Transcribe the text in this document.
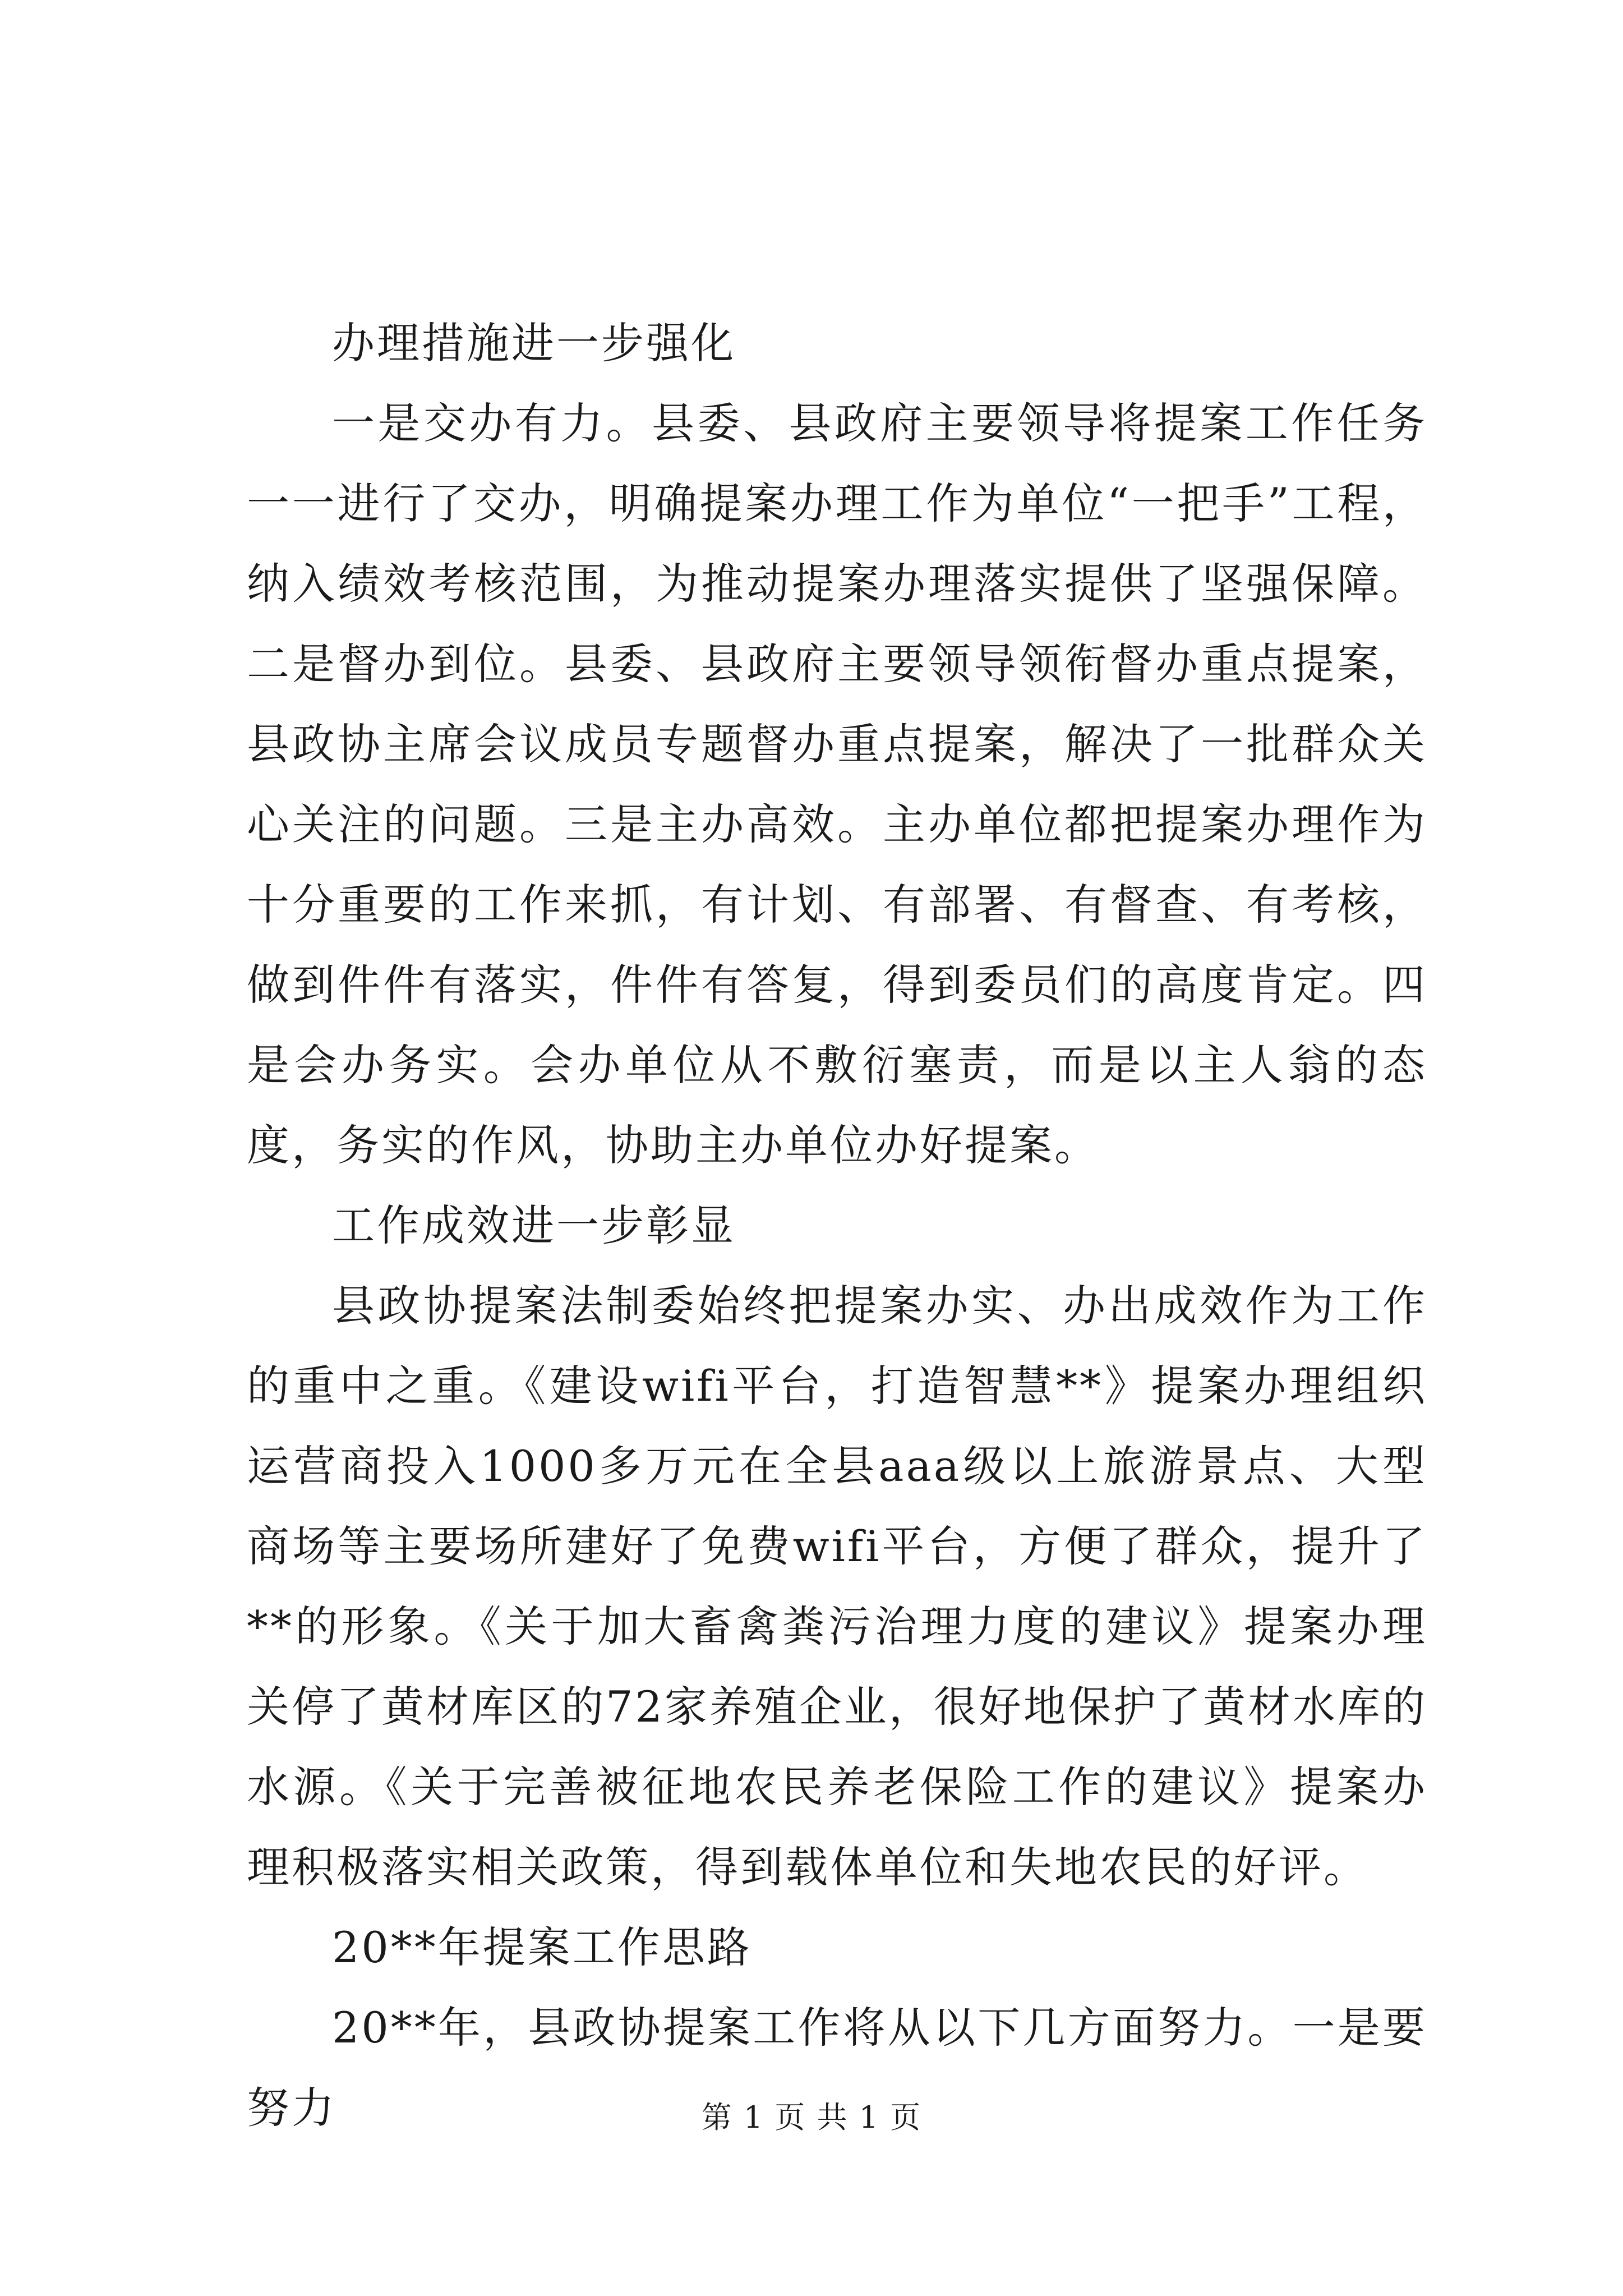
办理措施进一步强化

一是交办有力。县委、县政府主要领导将提案工作任务一一进行了交办，明确提案办理工作为单位“一把手”工程，纳入绩效考核范围，为推动提案办理落实提供了坚强保障。二是督办到位。县委、县政府主要领导领衔督办重点提案，县政协主席会议成员专题督办重点提案，解决了一批群众关心关注的问题。三是主办高效。主办单位都把提案办理作为十分重要的工作来抓，有计划、有部署、有督查、有考核，做到件件有落实，件件有答复，得到委员们的高度肯定。四是会办务实。会办单位从不敷衍塞责，而是以主人翁的态度，务实的作风，协助主办单位办好提案。

工作成效进一步彰显

县政协提案法制委始终把提案办实、办出成效作为工作的重中之重。《建设wifi平台，打造智慧**》提案办理组织运营商投入1000多万元在全县aaa级以上旅游景点、大型商场等主要场所建好了免费wifi平台，方便了群众，提升了**的形象。《关于加大畜禽粪污治理力度的建议》提案办理关停了黄材库区的72家养殖企业，很好地保护了黄材水库的水源。《关于完善被征地农民养老保险工作的建议》提案办理积极落实相关政策，得到载体单位和失地农民的好评。

20**年提案工作思路

20**年，县政协提案工作将从以下几方面努力。一是要努力	第 1 页 共 1 页
